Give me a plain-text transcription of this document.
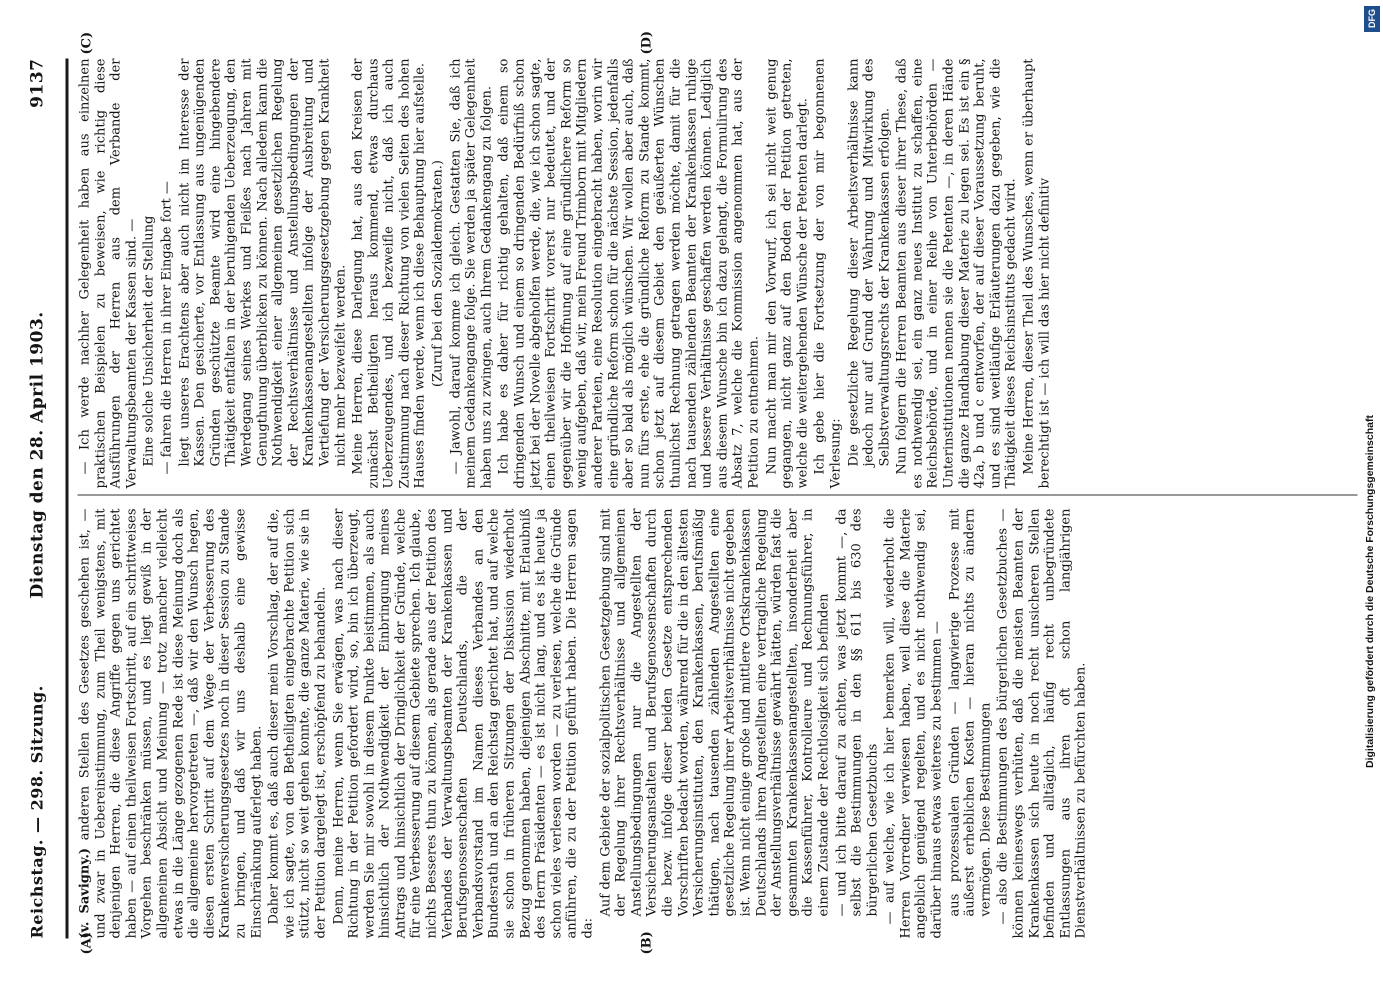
Reichstag. — 298. Sitzung.
Dienstag den 28. April 1903.
9137
(A)	(B)
(C)	(D)

(v. Savigny.) anderen Stellen des Gesetzes geschehen ist, — und zwar in Uebereinstimmung, zum Theil wenigstens, mit denjenigen Herren, die diese Angriffe gegen uns gerichtet haben — auf einen theilweisen Fortschritt, auf ein schrittweises Vorgehen beschränken müssen, und es liegt gewiß in der allgemeinen Absicht und Meinung — trotz mancher vielleicht etwas in die Länge gezogenen Rede ist diese Meinung doch als die allgemeine hervorgetreten —, daß wir den Wunsch hegen, diesen ersten Schritt auf dem Wege der Verbesserung des Krankenversicherungsgesetzes noch in dieser Session zu Stande zu bringen, und daß wir uns deshalb eine gewisse Einschränkung auferlegt haben. Daher kommt es, daß auch dieser mein Vorschlag, der auf die, wie ich sagte, von den Betheiligten eingebrachte Petition sich stützt, nicht so weit gehen konnte, die ganze Materie, wie sie in der Petition dargelegt ist, erschöpfend zu behandeln. Denn, meine Herren, wenn Sie erwägen, was nach dieser Richtung in der Petition gefordert wird, so, bin ich überzeugt, werden Sie mir sowohl in diesem Punkte beistimmen, als auch hinsichtlich der Nothwendigkeit der Einbringung meines Antrags und hinsichtlich der Dringlichkeit der Gründe, welche für eine Verbesserung auf diesem Gebiete sprechen. Ich glaube, nichts Besseres thun zu können, als gerade aus der Petition des Verbandes der Verwaltungsbeamten der Krankenkassen und Berufsgenossenschaften Deutschlands, die der Verbandsvorstand im Namen dieses Verbandes an den Bundesrath und an den Reichstag gerichtet hat, und auf welche sie schon in früheren Sitzungen der Diskussion wiederholt Bezug genommen haben, diejenigen Abschnitte, mit Erlaubniß des Herrn Präsidenten — es ist nicht lang, und es ist heute ja schon vieles verlesen worden — zu verlesen, welche die Gründe anführen, die zu der Petition geführt haben. Die Herren sagen da:

Auf dem Gebiete der sozialpolitischen Gesetzgebung sind mit der Regelung ihrer Rechtsverhältnisse und allgemeinen Anstellungsbedingungen nur die Angestellten der Versicherungsanstalten und Berufsgenossenschaften durch die bezw. infolge dieser beiden Gesetze entsprechenden Vorschriften bedacht worden, während für die in den ältesten Versicherungsinstituten, den Krankenkassen, berufsmäßig thätigen, nach tausenden zählenden Angestellten eine gesetzliche Regelung ihrer Arbeitsverhältnisse nicht gegeben ist. Wenn nicht einige große und mittlere Ortskrankenkassen Deutschlands ihren Angestellten eine vertragliche Regelung der Anstellungsverhältnisse gewährt hätten, würden fast die gesammten Krankenkassenangestellten, insonderheit aber die Kassenführer, Kontrolleure und Rechnungsführer, in einem Zustande der Rechtlosigkeit sich befinden — und ich bitte darauf zu achten, was jetzt kommt —, da selbst die Bestimmungen in den §§ 611 bis 630 des bürgerlichen Gesetzbuchs — auf welche, wie ich hier bemerken will, wiederholt die Herren Vorredner verwiesen haben, weil diese die Materie angeblich genügend regelten, und es nicht nothwendig sei, darüber hinaus etwas weiteres zu bestimmen — aus prozessualen Gründen — langwierige Prozesse mit äußerst erheblichen Kosten — hieran nichts zu ändern vermögen. Diese Bestimmungen — also die Bestimmungen des bürgerlichen Gesetzbuches — können keineswegs verhüten, daß die meisten Beamten der Krankenkassen sich heute in noch recht unsicheren Stellen befinden und alltäglich, häufig recht unbegründete Entlassungen aus ihren oft schon langjährigen Dienstverhältnissen zu befürchten haben.

— Ich werde nachher Gelegenheit haben aus einzelnen praktischen Beispielen zu beweisen, wie richtig diese Ausführungen der Herren aus dem Verbande der Verwaltungsbeamten der Kassen sind. — Eine solche Unsicherheit der Stellung — fahren die Herren in ihrer Eingabe fort — liegt unseres Erachtens aber auch nicht im Interesse der Kassen. Den gesicherte, vor Entlassung aus ungenügenden Gründen geschützte Beamte wird eine hingebendere Thätigkeit entfalten in der beruhigenden Ueberzeugung, den Werdegang seines Werkes und Fleißes nach Jahren mit Genugthuung überblicken zu können. Nach alledem kann die Nothwendigkeit einer allgemeinen gesetzlichen Regelung der Rechtsverhältnisse und Anstellungsbedingungen der Krankenkassenangestellten infolge der Ausbreitung und Vertiefung der Versicherungsgesetzgebung gegen Krankheit nicht mehr bezweifelt werden. Meine Herren, diese Darlegung hat, aus den Kreisen der zunächst Betheiligten heraus kommend, etwas durchaus Ueberzeugendes, und ich bezweifle nicht, daß ich auch Zustimmung nach dieser Richtung von vielen Seiten des hohen Hauses finden werde, wenn ich diese Behauptung hier aufstelle. (Zuruf bei den Sozialdemokraten.) — Jawohl, darauf komme ich gleich. Gestatten Sie, daß ich meinem Gedankengange folge. Sie werden ja später Gelegenheit haben uns zu zwingen, auch Ihrem Gedankengang zu folgen. Ich habe es daher für richtig gehalten, daß einem so dringenden Wunsch und einem so dringenden Bedürfniß schon jetzt bei der Novelle abgeholfen werde, die, wie ich schon sagte, einen theilweisen Fortschritt vorerst nur bedeutet, und der gegenüber wir die Hoffnung auf eine gründlichere Reform so wenig aufgeben, daß wir, mein Freund Trimborn mit Mitgliedern anderer Parteien, eine Resolution eingebracht haben, worin wir eine gründliche Reform schon für die nächste Session, jedenfalls aber so bald als möglich wünschen. Wir wollen aber auch, daß nun fürs erste, ehe die gründliche Reform zu Stande kommt, schon jetzt auf diesem Gebiet den geäußerten Wünschen thunlichst Rechnung getragen werden möchte, damit für die nach tausenden zählenden Beamten der Krankenkassen ruhige und bessere Verhältnisse geschaffen werden können. Lediglich aus diesem Wunsche bin ich dazu gelangt, die Formulirung des Absatz 7, welche die Kommission angenommen hat, aus der Petition zu entnehmen. Nun macht man mir den Vorwurf, ich sei nicht weit genug gegangen, nicht ganz auf den Boden der Petition getreten, welche die weitergehenden Wünsche der Petenten darlegt. Ich gebe hier die Fortsetzung der von mir begonnenen Verlesung: Die gesetzliche Regelung dieser Arbeitsverhältnisse kann jedoch nur auf Grund der Wahrung und Mitwirkung des Selbstverwaltungsrechts der Krankenkassen erfolgen. Nun folgern die Herren Beamten aus dieser ihrer These, daß es nothwendig sei, ein ganz neues Institut zu schaffen, eine Reichsbehörde, und in einer Reihe von Unterbehörden — Unterinstitutionen nennen sie die Petenten —, in deren Hände die ganze Handhabung dieser Materie zu legen sei. Es ist ein § 42a, b und c entworfen, der auf dieser Voraussetzung beruht, und es sind weitläufige Erläuterungen dazu gegeben, wie die Thätigkeit dieses Reichsinstituts gedacht wird. Meine Herren, dieser Theil des Wunsches, wenn er überhaupt berechtigt ist — ich will das hier nicht definitiv

DFG
Digitalisierung gefördert durch die Deutsche Forschungsgemeinschaft
